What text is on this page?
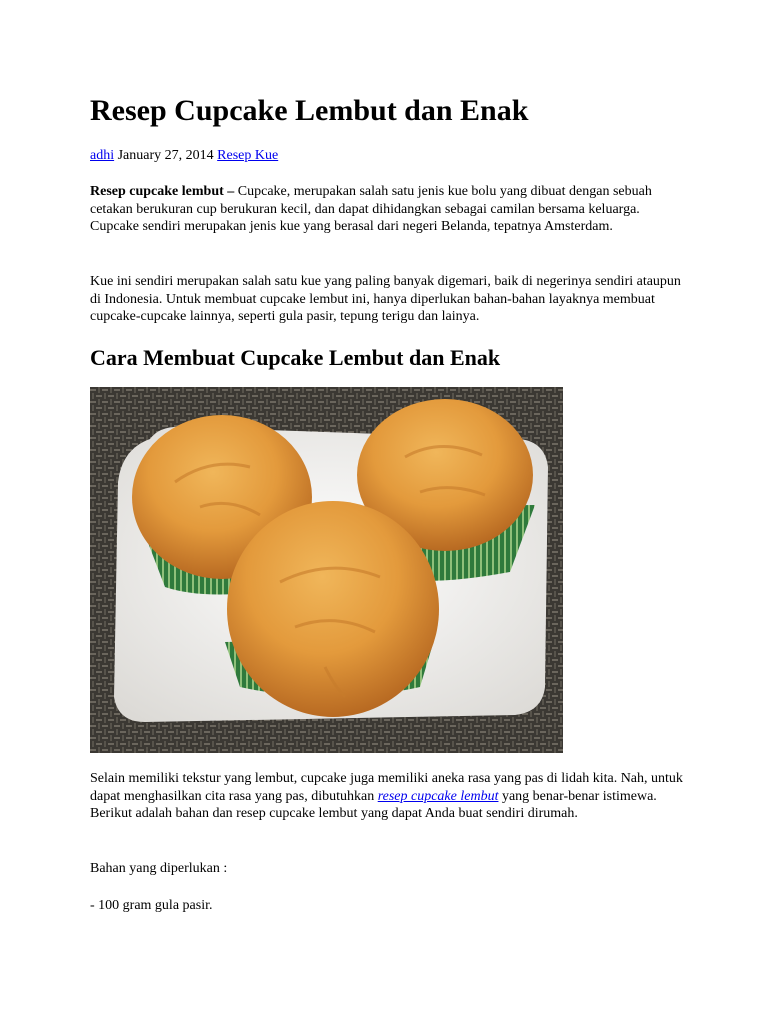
Resep Cupcake Lembut dan Enak
adhi January 27, 2014 Resep Kue

Resep cupcake lembut – Cupcake, merupakan salah satu jenis kue bolu yang dibuat dengan sebuah cetakan berukuran cup berukuran kecil, dan dapat dihidangkan sebagai camilan bersama keluarga. Cupcake sendiri merupakan jenis kue yang berasal dari negeri Belanda, tepatnya Amsterdam.

Kue ini sendiri merupakan salah satu kue yang paling banyak digemari, baik di negerinya sendiri ataupun di Indonesia. Untuk membuat cupcake lembut ini, hanya diperlukan bahan-bahan layaknya membuat cupcake-cupcake lainnya, seperti gula pasir, tepung terigu dan lainya.

Cara Membuat Cupcake Lembut dan Enak

Selain memiliki tekstur yang lembut, cupcake juga memiliki aneka rasa yang pas di lidah kita. Nah, untuk dapat menghasilkan cita rasa yang pas, dibutuhkan resep cupcake lembut yang benar-benar istimewa. Berikut adalah bahan dan resep cupcake lembut yang dapat Anda buat sendiri dirumah.

Bahan yang diperlukan :

- 100 gram gula pasir.
